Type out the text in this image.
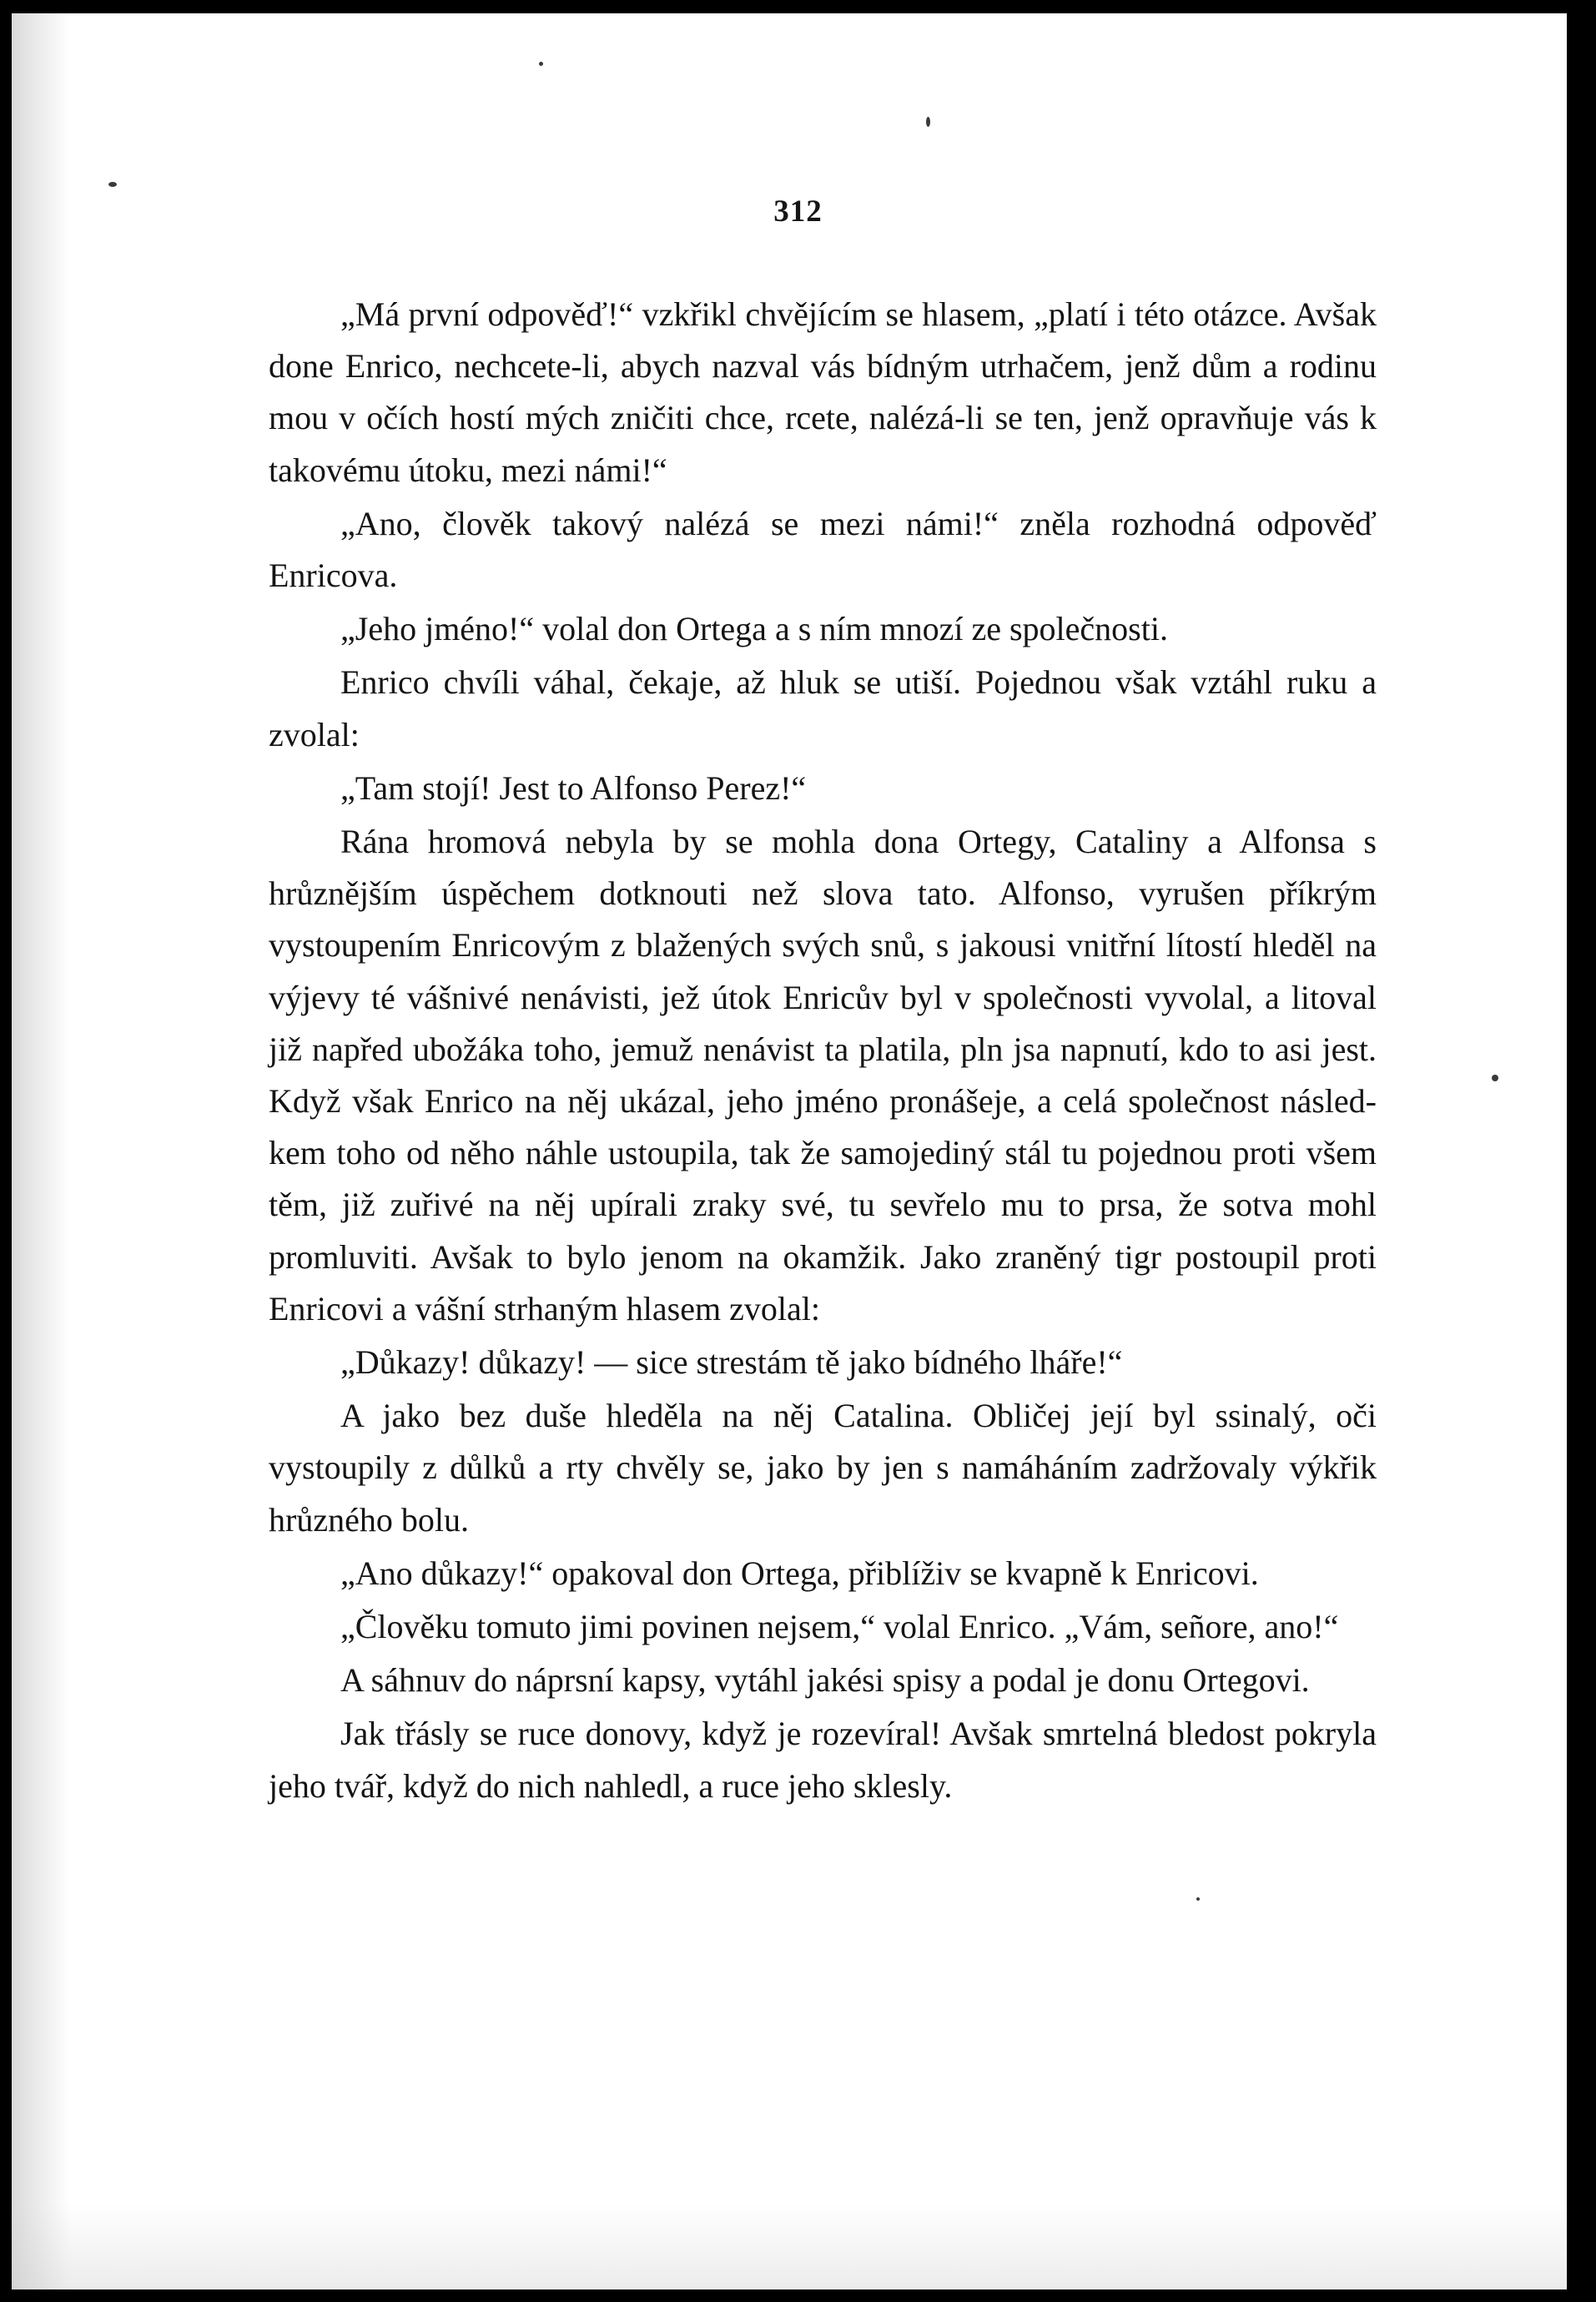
312

„Má první odpověď!“ vzkřikl chvějícím se hlasem, „platí i této otázce. Avšak done Enrico, nechcete-li, abych nazval vás bídným utrhačem, jenž dům a rodinu mou v očích hostí mých zničiti chce, rcete, nalézá-li se ten, jenž opravňuje vás k takovému útoku, mezi námi!“

„Ano, člověk takový nalézá se mezi námi!“ zněla rozhodná odpověď Enricova.

„Jeho jméno!“ volal don Ortega a s ním mnozí ze společnosti.

Enrico chvíli váhal, čekaje, až hluk se utiší. Pojednou však vztáhl ruku a zvolal:

„Tam stojí! Jest to Alfonso Perez!“

Rána hromová nebyla by se mohla dona Ortegy, Cataliny a Alfonsa s hrůznějším úspěchem dotknouti než slova tato. Alfonso, vyrušen příkrým vystoupením Enricovým z blažených svých snů, s jakousi vnitřní lítostí hleděl na výjevy té vášnivé nenávisti, jež útok Enricův byl v společnosti vyvolal, a litoval již napřed ubožáka toho, jemuž nenávist ta platila, pln jsa napnutí, kdo to asi jest. Když však Enrico na něj ukázal, jeho jméno pronášeje, a celá společnost následkem toho od něho náhle ustoupila, tak že samojediný stál tu pojednou proti všem těm, již zuřivé na něj upírali zraky své, tu sevřelo mu to prsa, že sotva mohl promluviti. Avšak to bylo jenom na okamžik. Jako zraněný tigr postoupil proti Enricovi a vášní strhaným hlasem zvolal:

„Důkazy! důkazy! — sice strestám tě jako bídného lháře!“

A jako bez duše hleděla na něj Catalina. Obličej její byl ssinalý, oči vystoupily z důlků a rty chvěly se, jako by jen s namáháním zadržovaly výkřik hrůzného bolu.

„Ano důkazy!“ opakoval don Ortega, přiblíživ se kvapně k Enricovi.

„Člověku tomuto jimi povinen nejsem,“ volal Enrico. „Vám, señore, ano!“

A sáhnuv do náprsní kapsy, vytáhl jakési spisy a podal je donu Ortegovi.

Jak třásly se ruce donovy, když je rozevíral! Avšak smrtelná bledost pokryla jeho tvář, když do nich nahledl, a ruce jeho sklesly.
